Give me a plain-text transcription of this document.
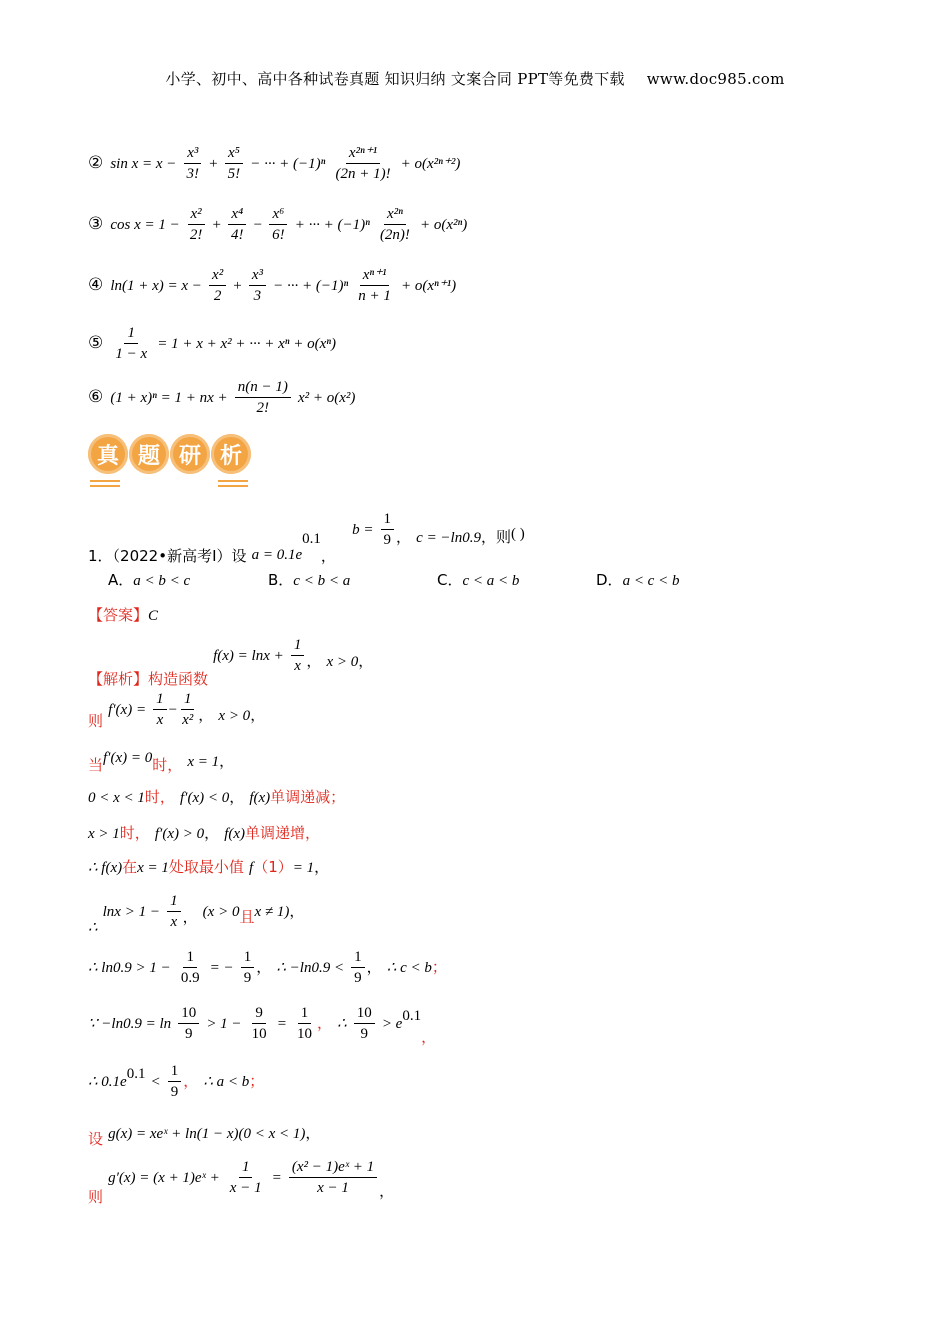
小学、初中、高中各种试卷真题 知识归纳 文案合同 PPT等免费下载 www.doc985.com
② $\sin x = x - \frac{\text{x³}}{3!} + \frac{\text{x⁵}}{5!}$ − ··· + $(-1)^n \frac{\text{x²ⁿ⁺¹}}{(2n + 1)!} + o(x^{2n+2})$
③ $\cos x = 1 - \frac{\text{x²}}{2!} + \frac{\text{x⁴}}{4!} - \frac{\text{x⁶}}{6!}$ + ··· + $(-1)^n \frac{\text{x²ⁿ}}{(2n)!} + o(x^{2n})$
④ $\ln(1 + x) = x - \frac{\text{x²}}{2} + \frac{\text{x³}}{3}$ − ··· + $(-1)^n \frac{\text{xⁿ⁺¹}}{n + 1} + o(x^{n+1})$
⑤ $\frac{1}{1 - x} = 1 + x + x^2$ + ··· + xⁿ + o(xⁿ)
⑥ (1 + x)ⁿ = 1 + nx + $\frac{n(n - 1)}{2!} x^2 + o(x^2)$
真 题 研 析
1．（2022•新高考Ⅰ）设 $a = 0.1e^{0.1}$，  $b = \frac{1}{9}$ ， c = −ln0.9，则( )
A．a < b < c	B．c < b < a	C．c < a < b	D．a < c < b
【答案】C
【解析】构造函数 $f(x) = \ln x + \frac{1}{x}$ ， x > 0，
则 $f'(x) = \frac{1}{x} - \frac{1}{\text{x²}}$ ， x > 0，
当f′(x) = 0时， x = 1，
0 < x < 1时， f′(x) < 0， f(x)单调递减；
x > 1时， f′(x) > 0， f(x)单调递增，
∴ f(x)在x = 1处取最小值 f（1）= 1，
∴ $\ln x > 1 - \frac{1}{x}$ ， (x > 0且x ≠ 1)，
∴ $\ln 0.9 > 1 - \frac{1}{0.9}$ = − $\frac{1}{9}$ ， ∴ $-\ln 0.9 < \frac{1}{9}$ ， ∴ c < b；
∵ $-\ln 0.9 = \ln \frac{10}{9} > 1 - \frac{9}{10} = \frac{1}{10}$ ， ∴ $\frac{10}{9} > e^{0.1}$，
∴ $0.1e^{0.1} < \frac{1}{9}$ ， ∴ a < b；
设 g(x) = xeˣ + ln(1 − x)(0 < x < 1)，
则 g′(x) = (x + 1)eˣ + $\frac{1}{x - 1} = \frac{\text{(x² − 1)eˣ + 1}}{x - 1}$ ，
